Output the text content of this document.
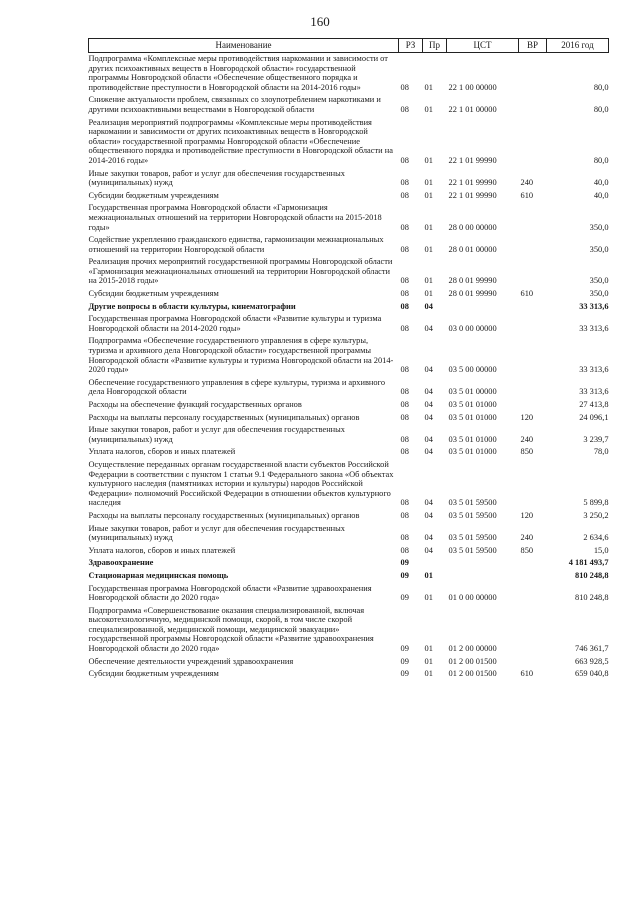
160
Наименование	РЗ	Пр	ЦСТ	ВР	2016 год
Подпрограмма «Комплексные меры противодействия наркомании и зависимости от других психоактивных веществ в Новгородской области» государственной программы Новгородской области «Обеспечение общественного порядка и противодействие преступности в Новгородской области на 2014-2016 годы»	08	01	22 1 00 00000		80,0
Снижение актуальности проблем, связанных со злоупотреблением наркотиками и другими психоактивными веществами в Новгородской области	08	01	22 1 01 00000		80,0
Реализация мероприятий подпрограммы «Комплексные меры противодействия наркомании и зависимости от других психоактивных веществ в Новгородской области» государственной программы Новгородской области «Обеспечение общественного порядка и противодействие преступности в Новгородской области на 2014-2016 годы»	08	01	22 1 01 99990		80,0
Иные закупки товаров, работ и услуг для обеспечения государственных (муниципальных) нужд	08	01	22 1 01 99990	240	40,0
Субсидии бюджетным учреждениям	08	01	22 1 01 99990	610	40,0
Государственная программа Новгородской области «Гармонизация межнациональных отношений на территории Новгородской области на 2015-2018 годы»	08	01	28 0 00 00000		350,0
Содействие укреплению гражданского единства, гармонизации межнациональных отношений на территории Новгородской области	08	01	28 0 01 00000		350,0
Реализация прочих мероприятий государственной программы Новгородской области «Гармонизация межнациональных отношений на территории Новгородской области на 2015-2018 годы»	08	01	28 0 01 99990		350,0
Субсидии бюджетным учреждениям	08	01	28 0 01 99990	610	350,0
Другие вопросы в области культуры, кинематографии	08	04			33 313,6
Государственная программа Новгородской области «Развитие культуры и туризма Новгородской области на 2014-2020 годы»	08	04	03 0 00 00000		33 313,6
Подпрограмма «Обеспечение государственного управления в сфере культуры, туризма и архивного дела Новгородской области» государственной программы Новгородской области «Развитие культуры и туризма Новгородской области на 2014-2020 годы»	08	04	03 5 00 00000		33 313,6
Обеспечение государственного управления в сфере культуры, туризма и архивного дела Новгородской области	08	04	03 5 01 00000		33 313,6
Расходы на обеспечение функций государственных органов	08	04	03 5 01 01000		27 413,8
Расходы на выплаты персоналу государственных (муниципальных) органов	08	04	03 5 01 01000	120	24 096,1
Иные закупки товаров, работ и услуг для обеспечения государственных (муниципальных) нужд	08	04	03 5 01 01000	240	3 239,7
Уплата налогов, сборов и иных платежей	08	04	03 5 01 01000	850	78,0
Осуществление переданных органам государственной власти субъектов Российской Федерации в соответствии с пунктом 1 статьи 9.1 Федерального закона «Об объектах культурного наследия (памятниках истории и культуры) народов Российской Федерации» полномочий Российской Федерации в отношении объектов культурного наследия	08	04	03 5 01 59500		5 899,8
Расходы на выплаты персоналу государственных (муниципальных) органов	08	04	03 5 01 59500	120	3 250,2
Иные закупки товаров, работ и услуг для обеспечения государственных (муниципальных) нужд	08	04	03 5 01 59500	240	2 634,6
Уплата налогов, сборов и иных платежей	08	04	03 5 01 59500	850	15,0
Здравоохранение	09				4 181 493,7
Стационарная медицинская помощь	09	01			810 248,8
Государственная программа Новгородской области «Развитие здравоохранения Новгородской области до 2020 года»	09	01	01 0 00 00000		810 248,8
Подпрограмма «Совершенствование оказания специализированной, включая высокотехнологичную, медицинской помощи, скорой, в том числе скорой специализированной, медицинской помощи, медицинской эвакуации» государственной программы Новгородской области «Развитие здравоохранения Новгородской области до 2020 года»	09	01	01 2 00 00000		746 361,7
Обеспечение деятельности учреждений здравоохранения	09	01	01 2 00 01500		663 928,5
Субсидии бюджетным учреждениям	09	01	01 2 00 01500	610	659 040,8
